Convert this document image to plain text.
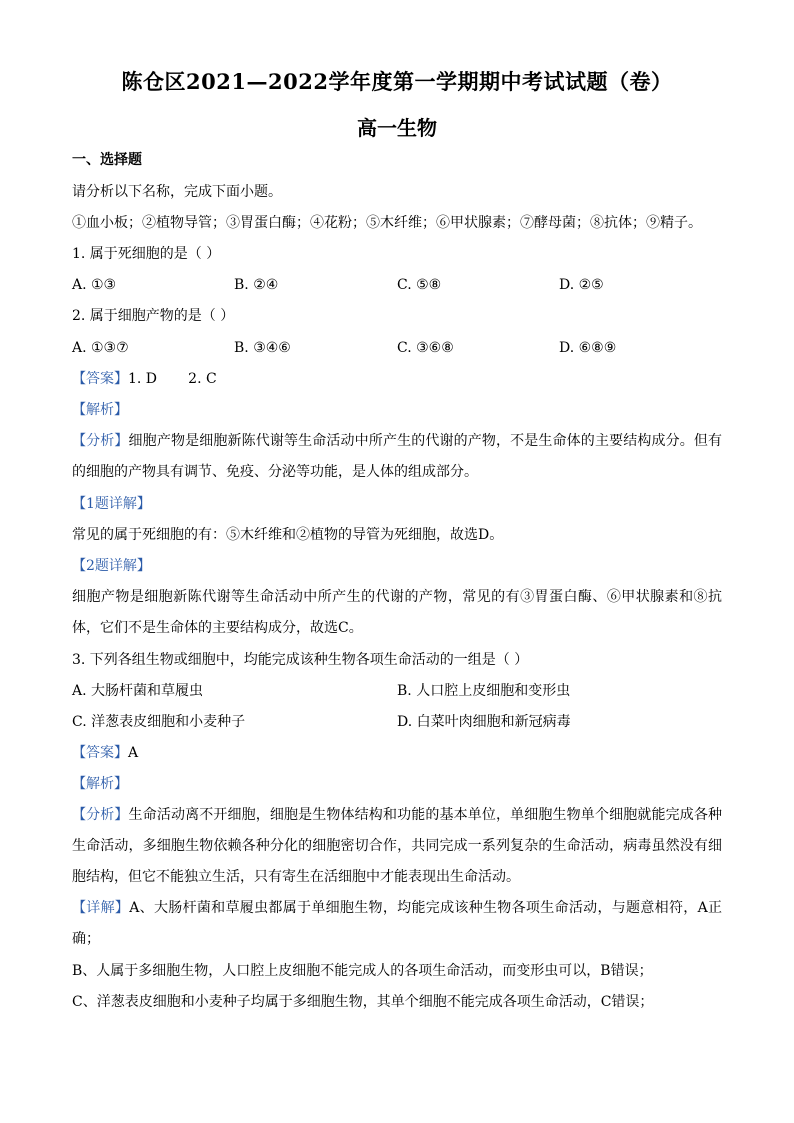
陈仓区2021—2022学年度第一学期期中考试试题（卷）
高一生物
一、选择题
请分析以下名称，完成下面小题。
①血小板；②植物导管；③胃蛋白酶；④花粉；⑤木纤维；⑥甲状腺素；⑦酵母菌；⑧抗体；⑨精子。
1. 属于死细胞的是（ ）
A. ①③	B. ②④	C. ⑤⑧	D. ②⑤
2. 属于细胞产物的是（ ）
A. ①③⑦	B. ③④⑥	C. ③⑥⑧	D. ⑥⑧⑨
【答案】1. D       2. C
【解析】
【分析】细胞产物是细胞新陈代谢等生命活动中所产生的代谢的产物，不是生命体的主要结构成分。但有的细胞的产物具有调节、免疫、分泌等功能，是人体的组成部分。
【1题详解】
常见的属于死细胞的有：⑤木纤维和②植物的导管为死细胞，故选D。
【2题详解】
细胞产物是细胞新陈代谢等生命活动中所产生的代谢的产物，常见的有③胃蛋白酶、⑥甲状腺素和⑧抗体，它们不是生命体的主要结构成分，故选C。
3. 下列各组生物或细胞中，均能完成该种生物各项生命活动的一组是（ ）
A. 大肠杆菌和草履虫	B. 人口腔上皮细胞和变形虫
C. 洋葱表皮细胞和小麦种子	D. 白菜叶肉细胞和新冠病毒
【答案】A
【解析】
【分析】生命活动离不开细胞，细胞是生物体结构和功能的基本单位，单细胞生物单个细胞就能完成各种生命活动，多细胞生物依赖各种分化的细胞密切合作，共同完成一系列复杂的生命活动，病毒虽然没有细胞结构，但它不能独立生活，只有寄生在活细胞中才能表现出生命活动。
【详解】A、大肠杆菌和草履虫都属于单细胞生物，均能完成该种生物各项生命活动，与题意相符，A正确；
B、人属于多细胞生物，人口腔上皮细胞不能完成人的各项生命活动，而变形虫可以，B错误；
C、洋葱表皮细胞和小麦种子均属于多细胞生物，其单个细胞不能完成各项生命活动，C错误；
